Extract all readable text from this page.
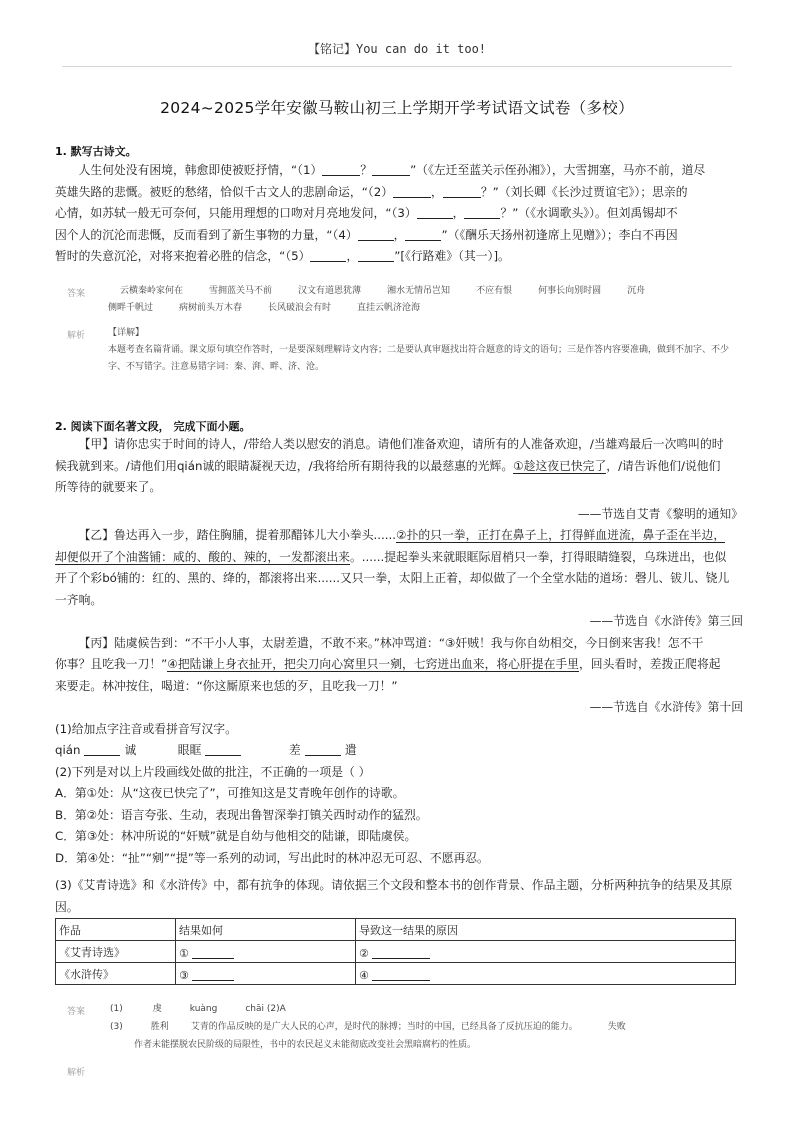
【铭记】You can do it too!
2024~2025学年安徽马鞍山初三上学期开学考试语文试卷（多校）
1. 默写古诗文。

人生何处没有困境，韩愈即使被贬抒情，“（1）	？	”（《左迁至蓝关示侄孙湘》），大雪拥塞，马亦不前，道尽

英雄失路的悲慨。被贬的愁绪，恰似千古文人的悲剧命运，“（2）	，	？”（刘长卿《长沙过贾谊宅》）；思亲的

心情，如苏轼一般无可奈何，只能用理想的口吻对月亮地发问，“（3）	，	？”（《水调歌头》）。但刘禹锡却不

因个人的沉沦而悲慨，反而看到了新生事物的力量，“（4）	，	”（《酬乐天扬州初逢席上见赠》）；李白不再因

暂时的失意沉沦，对将来抱着必胜的信念，“（5）	，	”[《行路难》（其一）]。

答案	云横秦岭家何在	雪拥蓝关马不前	汉文有道恩犹薄	湘水无情吊岂知	不应有恨	何事长向别时圆	沉舟
侧畔千帆过	病树前头万木春	长风破浪会有时	直挂云帆济沧海
解析	【详解】
本题考查名篇背诵。课文原句填空作答时，一是要深刻理解诗文内容；二是要认真审题找出符合题意的诗文的语句；三是作答内容要准确，做到不加字、不少字、不写错字。注意易错字词：秦、湃、畔、济、沧。
2. 阅读下面名著文段， 完成下面小题。

【甲】请你忠实于时间的诗人，/带给人类以慰安的消息。请他们准备欢迎，请所有的人准备欢迎，/当雄鸡最后一次鸣叫的时

候我就到来。/请他们用qián诚的眼睛凝视天边，/我将给所有期待我的以最慈惠的光辉。①趁这夜已快完了，/请告诉他们/说他们

所等待的就要来了。

——节选自艾青《黎明的通知》

【乙】鲁达再入一步，踏住胸脯，提着那醋钵儿大小拳头......②扑的只一拳，正打在鼻子上，打得鲜血迸流，鼻子歪在半边，

却便似开了个油酱铺：咸的、酸的、辣的，一发都滚出来。......提起拳头来就眼眶际眉梢只一拳，打得眼睛缝裂，乌珠迸出，也似

开了个彩bó铺的：红的、黑的、绛的，都滚将出来......又只一拳，太阳上正着，却似做了一个全堂水陆的道场：磬儿、钹儿、铙儿

一齐响。

——节选自《水浒传》第三回

【丙】陆虞候告到：“不干小人事，太尉差遣，不敢不来。”林冲骂道：“③奸贼！我与你自幼相交，今日倒来害我！怎不干

你事？且吃我一刀！”④把陆谦上身衣扯开，把尖刀向心窝里只一剜，七窍迸出血来，将心肝提在手里，回头看时，差拨正爬将起

来要走。林冲按住，喝道：“你这厮原来也恁的歹，且吃我一刀！”

——节选自《水浒传》第十回

(1)给加点字注音或看拼音写汉字。

qián	诚	眼眶	差	遣

(2)下列是对以上片段画线处做的批注，不正确的一项是（ ）

A．第①处：从“这夜已快完了”，可推知这是艾青晚年创作的诗歌。

B．第②处：语言夸张、生动，表现出鲁智深拳打镇关西时动作的猛烈。

C．第③处：林冲所说的“奸贼”就是自幼与他相交的陆谦，即陆虞侯。

D．第④处：“扯”“剜”“提”等一系列的动词，写出此时的林冲忍无可忍、不愿再忍。

(3)《艾青诗选》和《水浒传》中，都有抗争的体现。请依据三个文段和整本书的创作背景、作品主题，分析两种抗争的结果及其原

因。

作品	结果如何	导致这一结果的原因
《艾青诗选》	①	②
《水浒传》	③	④
答案	(1)	虔	kuàng	chāi (2)A
(3)	胜利 艾青的作品反映的是广大人民的心声，是时代的脉搏；当时的中国，已经具备了反抗压迫的能力。	失败
作者未能摆脱农民阶级的局限性，书中的农民起义未能彻底改变社会黑暗腐朽的性质。
解析
